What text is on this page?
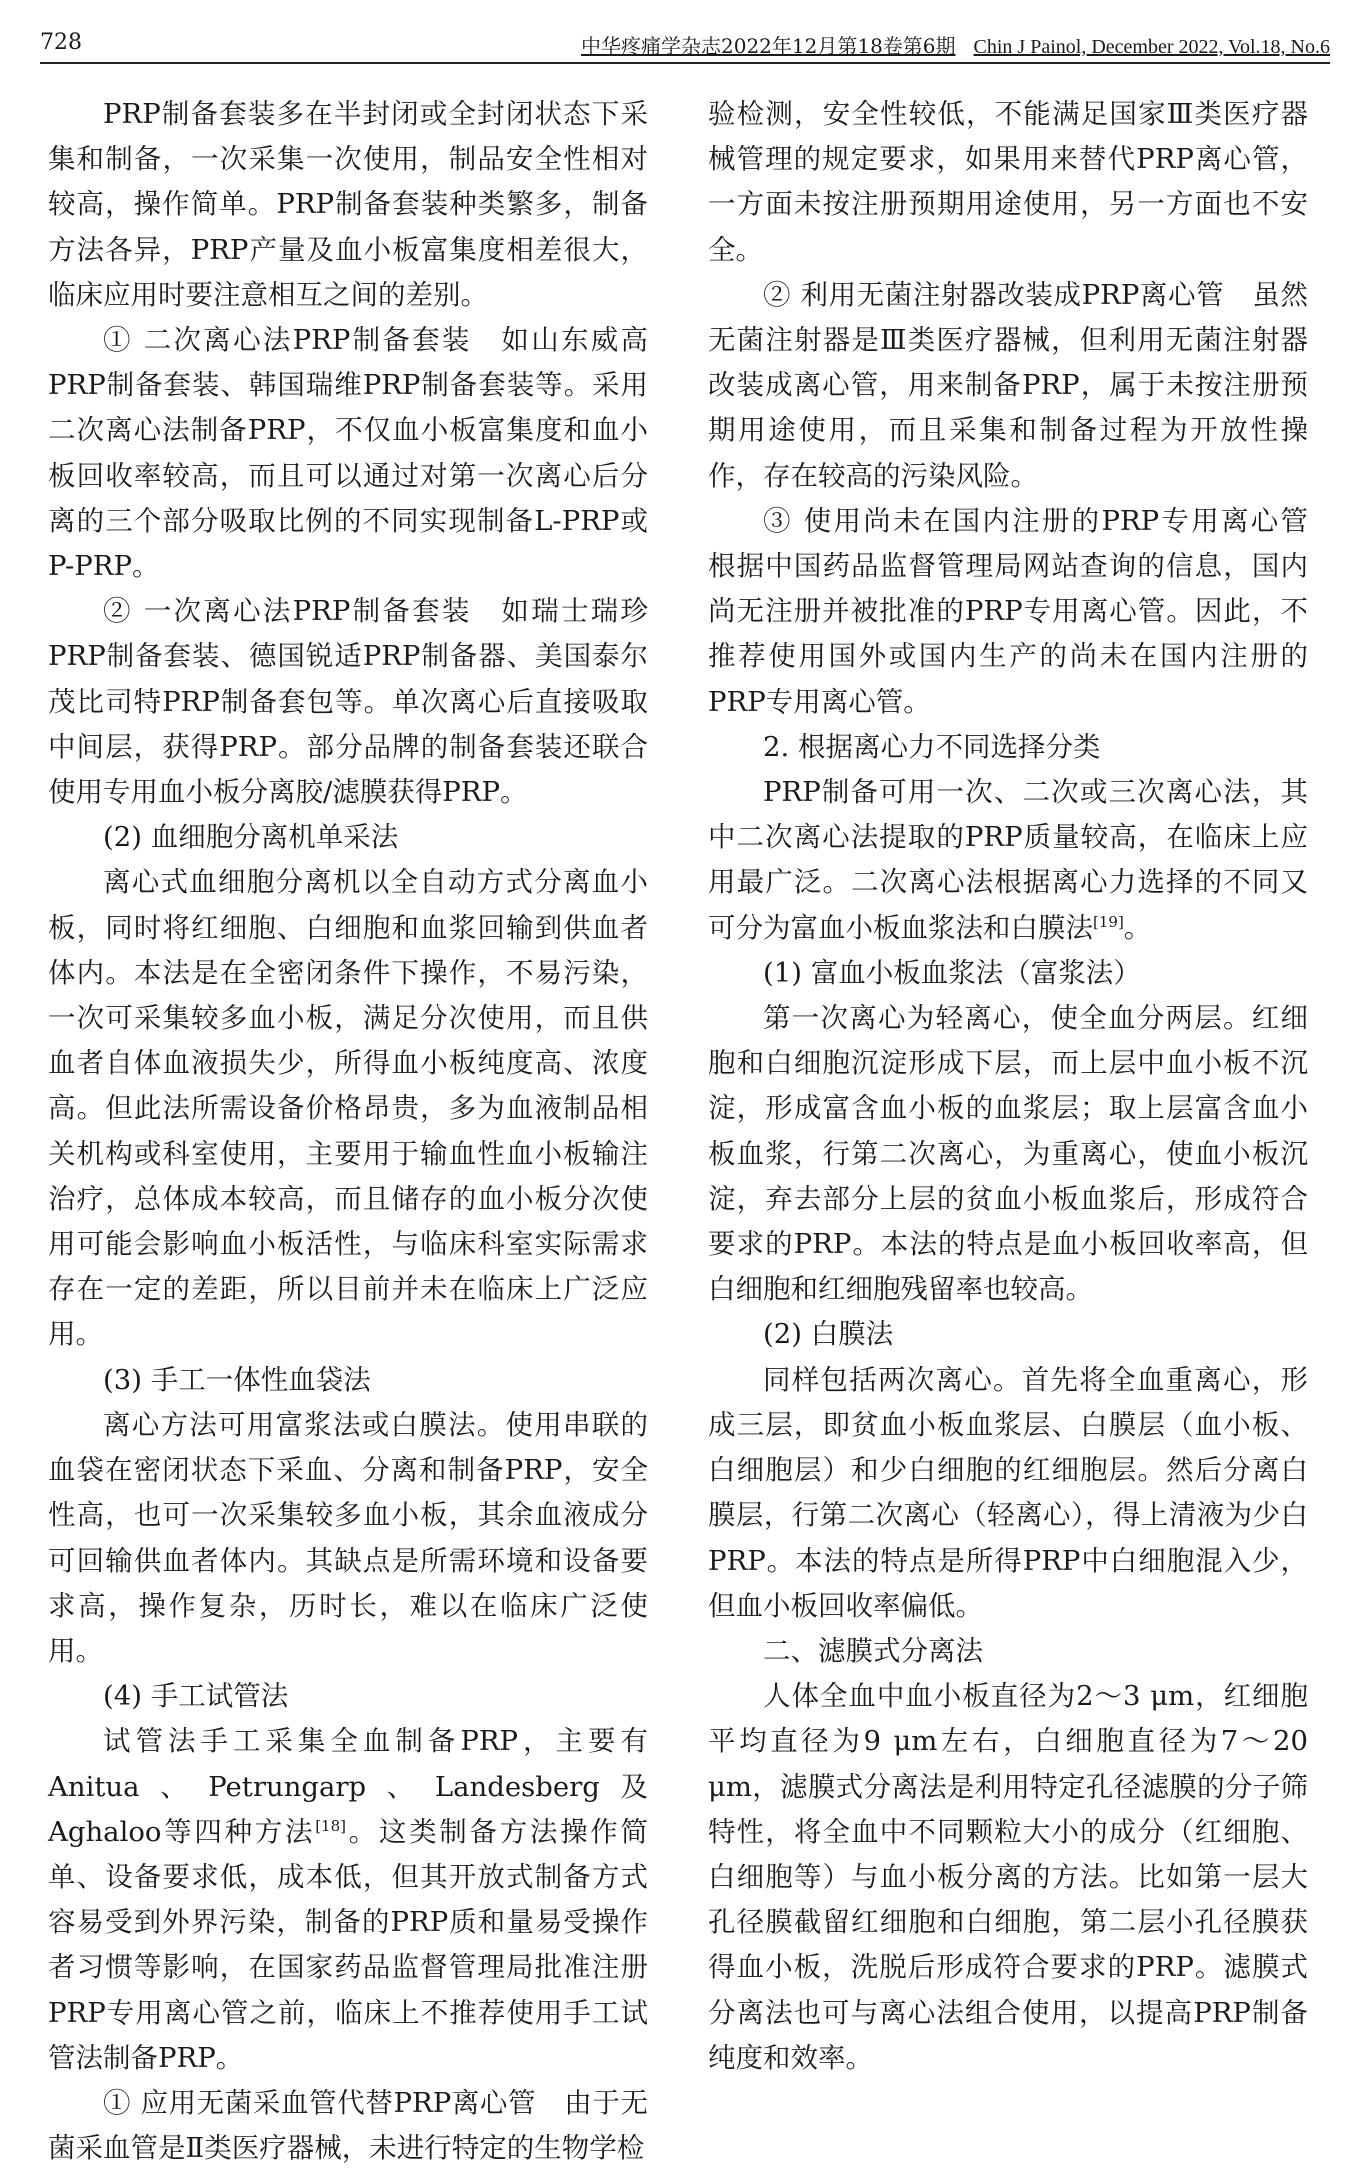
728	中华疼痛学杂志2022年12月第18卷第6期 Chin J Painol, December 2022, Vol.18, No.6

PRP制备套装多在半封闭或全封闭状态下采集和制备，一次采集一次使用，制品安全性相对较高，操作简单。PRP制备套装种类繁多，制备方法各异，PRP产量及血小板富集度相差很大，临床应用时要注意相互之间的差别。

① 二次离心法PRP制备套装　如山东威高PRP制备套装、韩国瑞维PRP制备套装等。采用二次离心法制备PRP，不仅血小板富集度和血小板回收率较高，而且可以通过对第一次离心后分离的三个部分吸取比例的不同实现制备L-PRP或P-PRP。

② 一次离心法PRP制备套装　如瑞士瑞珍PRP制备套装、德国锐适PRP制备器、美国泰尔茂比司特PRP制备套包等。单次离心后直接吸取中间层，获得PRP。部分品牌的制备套装还联合使用专用血小板分离胶/滤膜获得PRP。

(2) 血细胞分离机单采法

离心式血细胞分离机以全自动方式分离血小板，同时将红细胞、白细胞和血浆回输到供血者体内。本法是在全密闭条件下操作，不易污染，一次可采集较多血小板，满足分次使用，而且供血者自体血液损失少，所得血小板纯度高、浓度高。但此法所需设备价格昂贵，多为血液制品相关机构或科室使用，主要用于输血性血小板输注治疗，总体成本较高，而且储存的血小板分次使用可能会影响血小板活性，与临床科室实际需求存在一定的差距，所以目前并未在临床上广泛应用。

(3) 手工一体性血袋法

离心方法可用富浆法或白膜法。使用串联的血袋在密闭状态下采血、分离和制备PRP，安全性高，也可一次采集较多血小板，其余血液成分可回输供血者体内。其缺点是所需环境和设备要求高，操作复杂，历时长，难以在临床广泛使用。

(4) 手工试管法

试管法手工采集全血制备PRP，主要有Anitua、Petrungarp、Landesberg及Aghaloo等四种方法[18]。这类制备方法操作简单、设备要求低，成本低，但其开放式制备方式容易受到外界污染，制备的PRP质和量易受操作者习惯等影响，在国家药品监督管理局批准注册PRP专用离心管之前，临床上不推荐使用手工试管法制备PRP。

① 应用无菌采血管代替PRP离心管　由于无菌采血管是Ⅱ类医疗器械，未进行特定的生物学检

验检测，安全性较低，不能满足国家Ⅲ类医疗器械管理的规定要求，如果用来替代PRP离心管，一方面未按注册预期用途使用，另一方面也不安全。

② 利用无菌注射器改装成PRP离心管　虽然无菌注射器是Ⅲ类医疗器械，但利用无菌注射器改装成离心管，用来制备PRP，属于未按注册预期用途使用，而且采集和制备过程为开放性操作，存在较高的污染风险。

③ 使用尚未在国内注册的PRP专用离心管　根据中国药品监督管理局网站查询的信息，国内尚无注册并被批准的PRP专用离心管。因此，不推荐使用国外或国内生产的尚未在国内注册的PRP专用离心管。

2. 根据离心力不同选择分类

PRP制备可用一次、二次或三次离心法，其中二次离心法提取的PRP质量较高，在临床上应用最广泛。二次离心法根据离心力选择的不同又可分为富血小板血浆法和白膜法[19]。

(1) 富血小板血浆法（富浆法）

第一次离心为轻离心，使全血分两层。红细胞和白细胞沉淀形成下层，而上层中血小板不沉淀，形成富含血小板的血浆层；取上层富含血小板血浆，行第二次离心，为重离心，使血小板沉淀，弃去部分上层的贫血小板血浆后，形成符合要求的PRP。本法的特点是血小板回收率高，但白细胞和红细胞残留率也较高。

(2) 白膜法

同样包括两次离心。首先将全血重离心，形成三层，即贫血小板血浆层、白膜层（血小板、白细胞层）和少白细胞的红细胞层。然后分离白膜层，行第二次离心（轻离心），得上清液为少白PRP。本法的特点是所得PRP中白细胞混入少，但血小板回收率偏低。

二、滤膜式分离法

人体全血中血小板直径为2～3 μm，红细胞平均直径为9 μm左右，白细胞直径为7～20 μm，滤膜式分离法是利用特定孔径滤膜的分子筛特性，将全血中不同颗粒大小的成分（红细胞、白细胞等）与血小板分离的方法。比如第一层大孔径膜截留红细胞和白细胞，第二层小孔径膜获得血小板，洗脱后形成符合要求的PRP。滤膜式分离法也可与离心法组合使用，以提高PRP制备纯度和效率。
